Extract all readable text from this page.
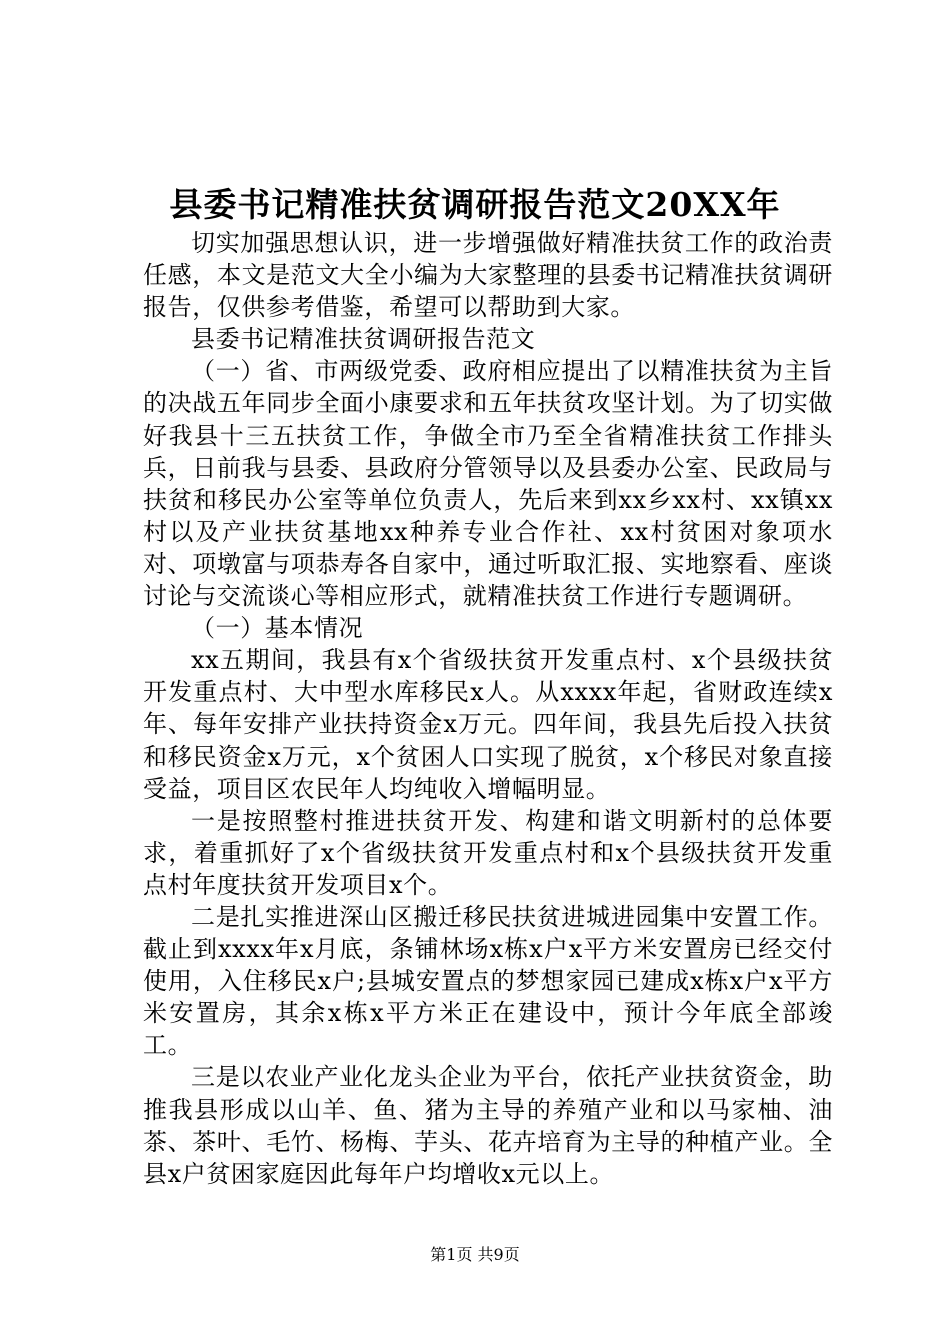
县委书记精准扶贫调研报告范文20XX年

切实加强思想认识，进一步增强做好精准扶贫工作的政治责任感，本文是范文大全小编为大家整理的县委书记精准扶贫调研报告，仅供参考借鉴，希望可以帮助到大家。

县委书记精准扶贫调研报告范文

（一）省、市两级党委、政府相应提出了以精准扶贫为主旨的决战五年同步全面小康要求和五年扶贫攻坚计划。为了切实做好我县十三五扶贫工作，争做全市乃至全省精准扶贫工作排头兵，日前我与县委、县政府分管领导以及县委办公室、民政局与扶贫和移民办公室等单位负责人，先后来到xx乡xx村、xx镇xx村以及产业扶贫基地xx种养专业合作社、xx村贫困对象项水对、项墩富与项恭寿各自家中，通过听取汇报、实地察看、座谈讨论与交流谈心等相应形式，就精准扶贫工作进行专题调研。

（一）基本情况

xx五期间，我县有x个省级扶贫开发重点村、x个县级扶贫开发重点村、大中型水库移民x人。从xxxx年起，省财政连续x年、每年安排产业扶持资金x万元。四年间，我县先后投入扶贫和移民资金x万元，x个贫困人口实现了脱贫，x个移民对象直接受益，项目区农民年人均纯收入增幅明显。

一是按照整村推进扶贫开发、构建和谐文明新村的总体要求，着重抓好了x个省级扶贫开发重点村和x个县级扶贫开发重点村年度扶贫开发项目x个。

二是扎实推进深山区搬迁移民扶贫进城进园集中安置工作。截止到xxxx年x月底，条铺林场x栋x户x平方米安置房已经交付使用，入住移民x户;县城安置点的梦想家园已建成x栋x户x平方米安置房，其余x栋x平方米正在建设中，预计今年底全部竣工。

三是以农业产业化龙头企业为平台，依托产业扶贫资金，助推我县形成以山羊、鱼、猪为主导的养殖产业和以马家柚、油茶、茶叶、毛竹、杨梅、芋头、花卉培育为主导的种植产业。全县x户贫困家庭因此每年户均增收x元以上。

第1页 共9页
